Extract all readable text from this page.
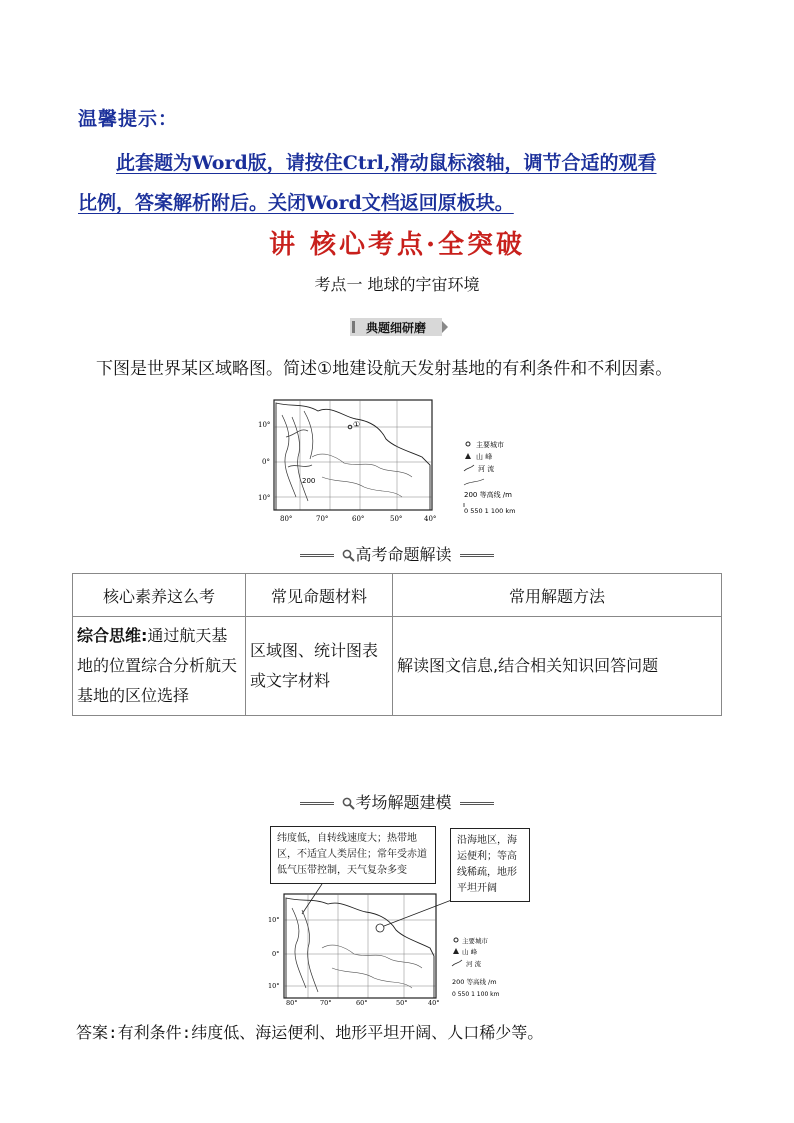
温馨提示：
此套题为Word版，请按住Ctrl,滑动鼠标滚轴，调节合适的观看
比例，答案解析附后。关闭Word文档返回原板块。
讲 核心考点·全突破
考点一 地球的宇宙环境
典题细研磨
下图是世界某区域略图。简述①地建设航天发射基地的有利条件和不利因素。
①
200
10°
0°
10°
80°	70°	60°	50°	40°
主要城市
山 峰
河 流
200 等高线 /m
0 550 1 100 km
高考命题解读
核心素养这么考	常见命题材料	常用解题方法
综合思维:通过航天基地的位置综合分析航天基地的区位选择	区域图、统计图表或文字材料	解读图文信息,结合相关知识回答问题
考场解题建模
10°
0°
10°
80°	70°	60°	50°	40°
主要城市
山 峰
河 流
200 等高线 /m
0 550 1 100 km
纬度低，自转线速度大；热带地区，不适宜人类居住；常年受赤道低气压带控制，天气复杂多变
沿海地区，海运便利；等高线稀疏，地形平坦开阔
答案:有利条件:纬度低、海运便利、地形平坦开阔、人口稀少等。
